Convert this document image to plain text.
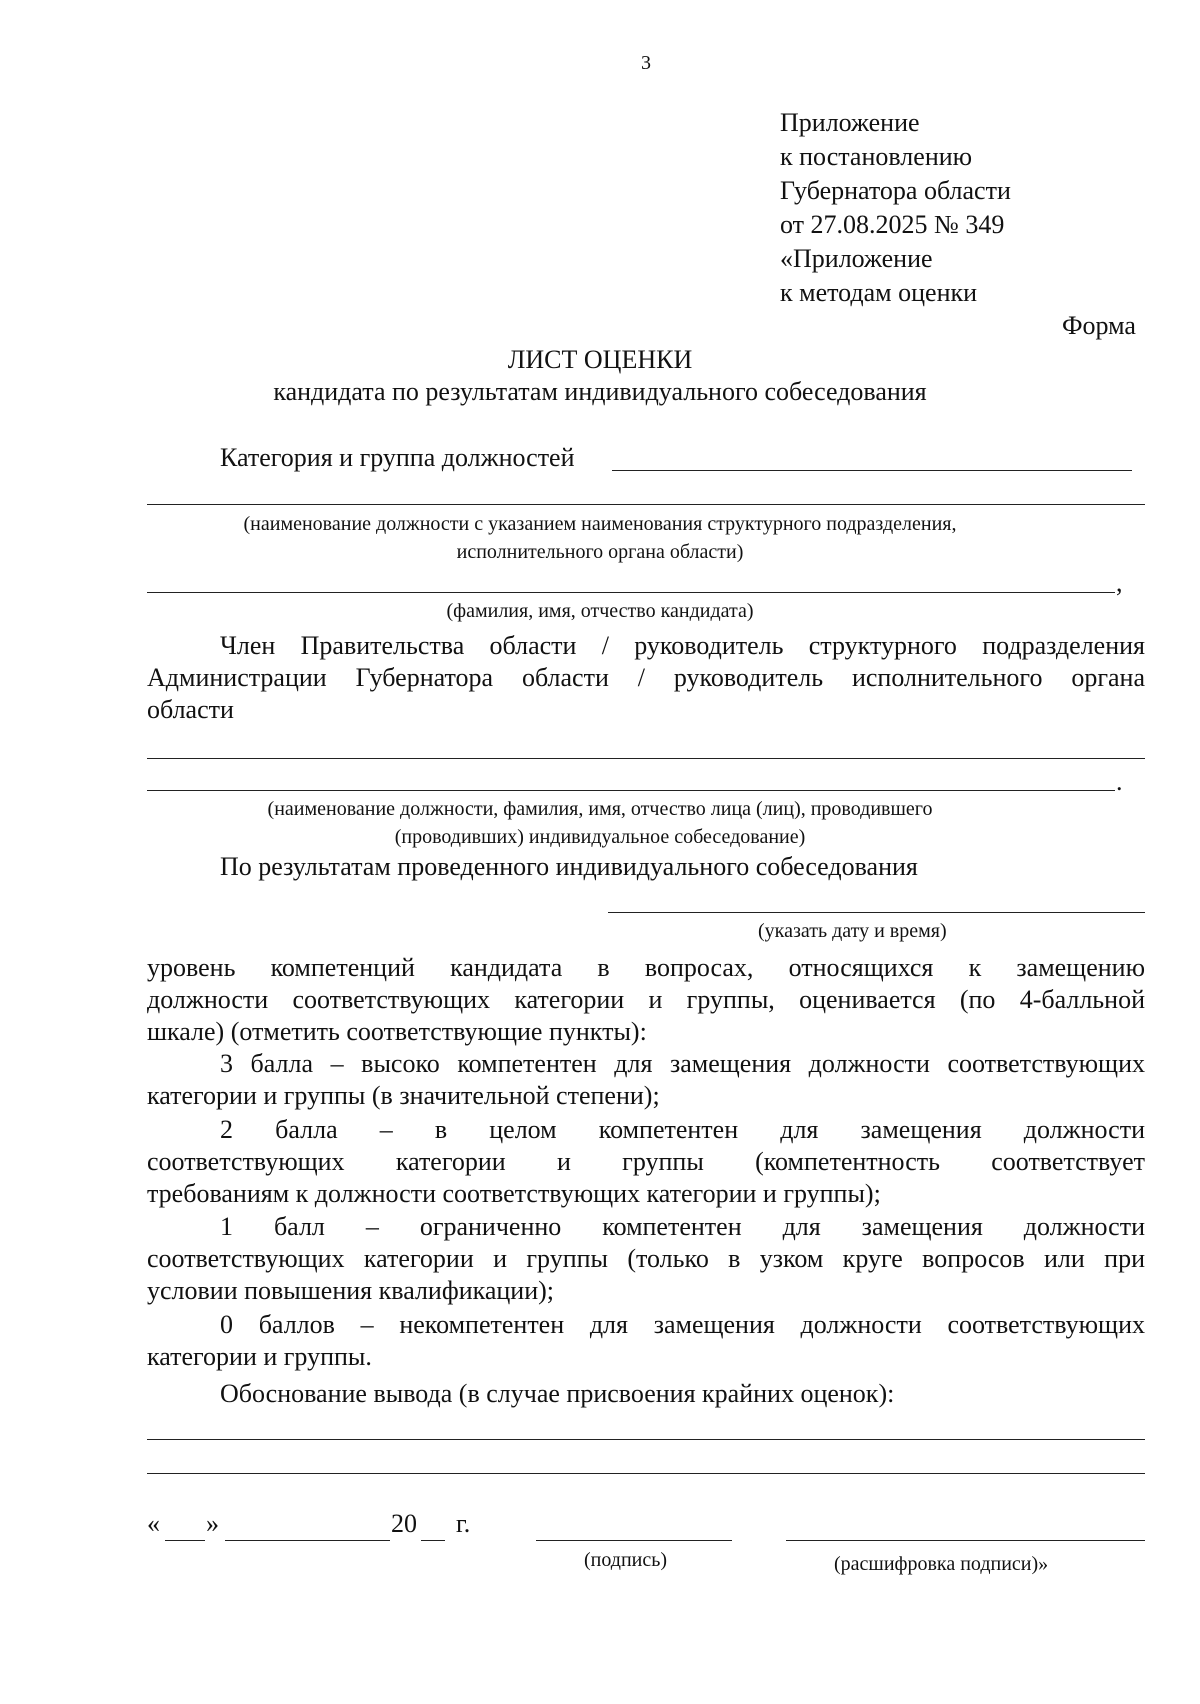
3
Приложение
к постановлению
Губернатора области
от 27.08.2025 № 349
«Приложение
к методам оценки
Форма
ЛИСТ ОЦЕНКИ
кандидата по результатам индивидуального собеседования
Категория и группа должностей
(наименование должности с указанием наименования структурного подразделения,
исполнительного органа области)
,
(фамилия, имя, отчество кандидата)
Член Правительства области / руководитель структурного подразделения
Администрации Губернатора области / руководитель исполнительного органа
области
.
(наименование должности, фамилия, имя, отчество лица (лиц), проводившего
(проводивших) индивидуальное собеседование)
По результатам проведенного индивидуального собеседования
(указать дату и время)
уровень компетенций кандидата в вопросах, относящихся к замещению
должности соответствующих категории и группы, оценивается (по 4-балльной
шкале) (отметить соответствующие пункты):
3 балла – высоко компетентен для замещения должности соответствующих
категории и группы (в значительной степени);
2 балла – в целом компетентен для замещения должности
соответствующих категории и группы (компетентность соответствует
требованиям к должности соответствующих категории и группы);
1 балл – ограниченно компетентен для замещения должности
соответствующих категории и группы (только в узком круге вопросов или при
условии повышения квалификации);
0 баллов – некомпетентен для замещения должности соответствующих
категории и группы.
Обоснование вывода (в случае присвоения крайних оценок):
« »	20 г.
(подпись)	(расшифровка подписи)»
